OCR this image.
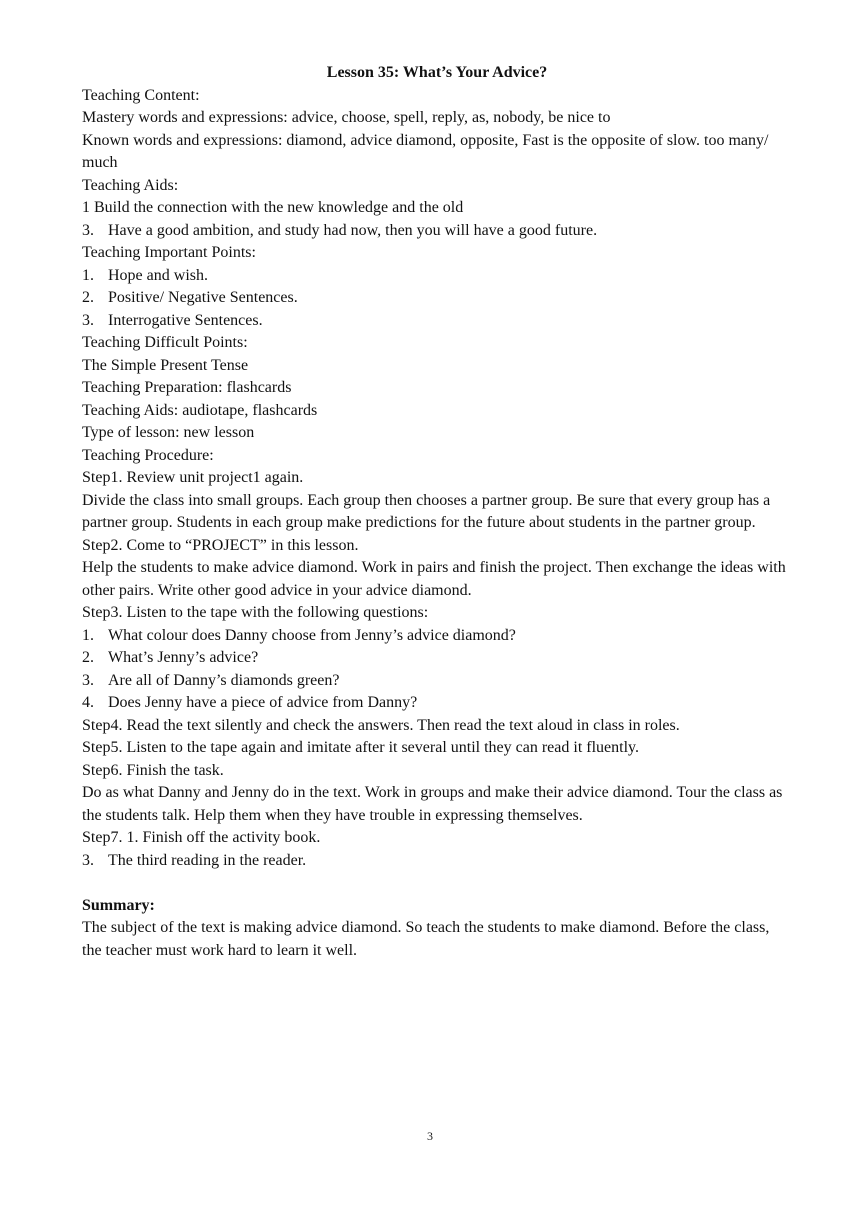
Lesson 35: What’s Your Advice?

Teaching Content:

Mastery words and expressions: advice, choose, spell, reply, as, nobody, be nice to

Known words and expressions: diamond, advice diamond, opposite, Fast is the opposite of slow. too many/ much

Teaching Aids:

1 Build the connection with the new knowledge and the old

3. Have a good ambition, and study had now, then you will have a good future.

Teaching Important Points:

1. Hope and wish.
2. Positive/ Negative Sentences.
3. Interrogative Sentences.

Teaching Difficult Points:

The Simple Present Tense

Teaching Preparation: flashcards

Teaching Aids: audiotape, flashcards

Type of lesson: new lesson

Teaching Procedure:

Step1. Review unit project1 again.

Divide the class into small groups. Each group then chooses a partner group. Be sure that every group has a partner group. Students in each group make predictions for the future about students in the partner group.

Step2. Come to “PROJECT” in this lesson.

Help the students to make advice diamond. Work in pairs and finish the project. Then exchange the ideas with other pairs. Write other good advice in your advice diamond.

Step3. Listen to the tape with the following questions:

1. What colour does Danny choose from Jenny’s advice diamond?
2. What’s Jenny’s advice?
3. Are all of Danny’s diamonds green?
4. Does Jenny have a piece of advice from Danny?

Step4. Read the text silently and check the answers. Then read the text aloud in class in roles.

Step5. Listen to the tape again and imitate after it several until they can read it fluently.

Step6. Finish the task.

Do as what Danny and Jenny do in the text. Work in groups and make their advice diamond. Tour the class as the students talk. Help them when they have trouble in expressing themselves.

Step7. 1. Finish off the activity book.

3. The third reading in the reader.

Summary:

The subject of the text is making advice diamond. So teach the students to make diamond. Before the class, the teacher must work hard to learn it well.

3
